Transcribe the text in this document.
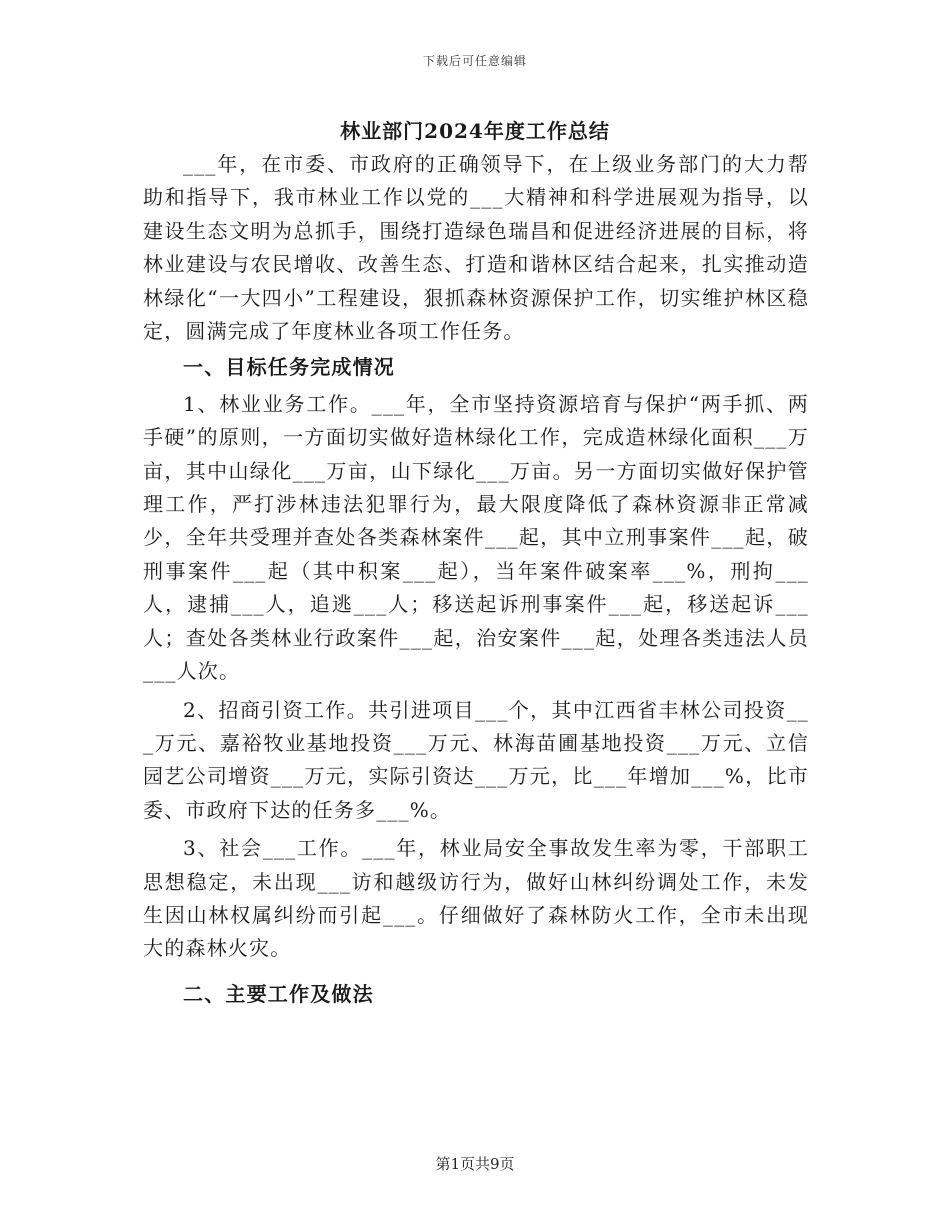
下载后可任意编辑
林业部门2024年度工作总结

___年，在市委、市政府的正确领导下，在上级业务部门的大力帮助和指导下，我市林业工作以党的___大精神和科学进展观为指导，以建设生态文明为总抓手，围绕打造绿色瑞昌和促进经济进展的目标，将林业建设与农民增收、改善生态、打造和谐林区结合起来，扎实推动造林绿化“一大四小”工程建设，狠抓森林资源保护工作，切实维护林区稳定，圆满完成了年度林业各项工作任务。

一、目标任务完成情况

1、林业业务工作。___年，全市坚持资源培育与保护“两手抓、两手硬”的原则，一方面切实做好造林绿化工作，完成造林绿化面积___万亩，其中山绿化___万亩，山下绿化___万亩。另一方面切实做好保护管理工作，严打涉林违法犯罪行为，最大限度降低了森林资源非正常减少，全年共受理并查处各类森林案件___起，其中立刑事案件___起，破刑事案件___起（其中积案___起），当年案件破案率___%，刑拘___人，逮捕___人，追逃___人；移送起诉刑事案件___起，移送起诉___人；查处各类林业行政案件___起，治安案件___起，处理各类违法人员___人次。

2、招商引资工作。共引进项目___个，其中江西省丰林公司投资___万元、嘉裕牧业基地投资___万元、林海苗圃基地投资___万元、立信园艺公司增资___万元，实际引资达___万元，比___年增加___%，比市委、市政府下达的任务多___%。

3、社会___工作。___年，林业局安全事故发生率为零，干部职工思想稳定，未出现___访和越级访行为，做好山林纠纷调处工作，未发生因山林权属纠纷而引起___。仔细做好了森林防火工作，全市未出现大的森林火灾。

二、主要工作及做法

第1页共9页
